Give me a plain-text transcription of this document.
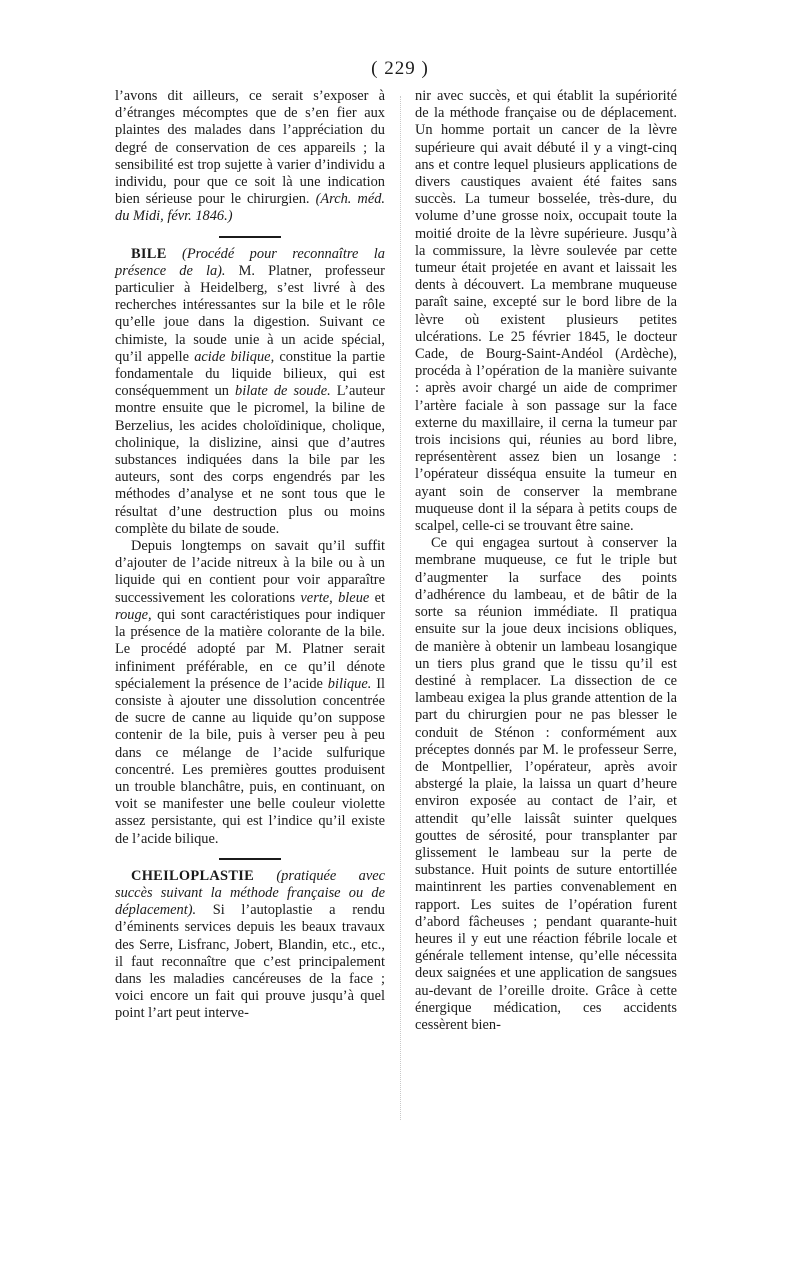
( 229 )

l’avons dit ailleurs, ce serait s’exposer à d’étranges mécomptes que de s’en fier aux plaintes des malades dans l’appréciation du degré de conservation de ces appareils ; la sensibilité est trop sujette à varier d’individu a individu, pour que ce soit là une indication bien sérieuse pour le chirurgien. (Arch. méd. du Midi, févr. 1846.)

BILE (Procédé pour reconnaître la présence de la). M. Platner, professeur particulier à Heidelberg, s’est livré à des recherches intéressantes sur la bile et le rôle qu’elle joue dans la digestion. Suivant ce chimiste, la soude unie à un acide spécial, qu’il appelle acide bilique, constitue la partie fondamentale du liquide bilieux, qui est conséquemment un bilate de soude. L’auteur montre ensuite que le picromel, la biline de Berzelius, les acides choloïdinique, cholique, cholinique, la dislizine, ainsi que d’autres substances indiquées dans la bile par les auteurs, sont des corps engendrés par les méthodes d’analyse et ne sont tous que le résultat d’une destruction plus ou moins complète du bilate de soude.

Depuis longtemps on savait qu’il suffit d’ajouter de l’acide nitreux à la bile ou à un liquide qui en contient pour voir apparaître successivement les colorations verte, bleue et rouge, qui sont caractéristiques pour indiquer la présence de la matière colorante de la bile. Le procédé adopté par M. Platner serait infiniment préférable, en ce qu’il dénote spécialement la présence de l’acide bilique. Il consiste à ajouter une dissolution concentrée de sucre de canne au liquide qu’on suppose contenir de la bile, puis à verser peu à peu dans ce mélange de l’acide sulfurique concentré. Les premières gouttes produisent un trouble blanchâtre, puis, en continuant, on voit se manifester une belle couleur violette assez persistante, qui est l’indice qu’il existe de l’acide bilique.

CHEILOPLASTIE (pratiquée avec succès suivant la méthode française ou de déplacement). Si l’autoplastie a rendu d’éminents services depuis les beaux travaux des Serre, Lisfranc, Jobert, Blandin, etc., etc., il faut reconnaître que c’est principalement dans les maladies cancéreuses de la face ; voici encore un fait qui prouve jusqu’à quel point l’art peut interve-

nir avec succès, et qui établit la supériorité de la méthode française ou de déplacement. Un homme portait un cancer de la lèvre supérieure qui avait débuté il y a vingt-cinq ans et contre lequel plusieurs applications de divers caustiques avaient été faites sans succès. La tumeur bosselée, très-dure, du volume d’une grosse noix, occupait toute la moitié droite de la lèvre supérieure. Jusqu’à la commissure, la lèvre soulevée par cette tumeur était projetée en avant et laissait les dents à découvert. La membrane muqueuse paraît saine, excepté sur le bord libre de la lèvre où existent plusieurs petites ulcérations. Le 25 février 1845, le docteur Cade, de Bourg-Saint-Andéol (Ardèche), procéda à l’opération de la manière suivante : après avoir chargé un aide de comprimer l’artère faciale à son passage sur la face externe du maxillaire, il cerna la tumeur par trois incisions qui, réunies au bord libre, représentèrent assez bien un losange : l’opérateur disséqua ensuite la tumeur en ayant soin de conserver la membrane muqueuse dont il la sépara à petits coups de scalpel, celle-ci se trouvant être saine.

Ce qui engagea surtout à conserver la membrane muqueuse, ce fut le triple but d’augmenter la surface des points d’adhérence du lambeau, et de bâtir de la sorte sa réunion immédiate. Il pratiqua ensuite sur la joue deux incisions obliques, de manière à obtenir un lambeau losangique un tiers plus grand que le tissu qu’il est destiné à remplacer. La dissection de ce lambeau exigea la plus grande attention de la part du chirurgien pour ne pas blesser le conduit de Sténon : conformément aux préceptes donnés par M. le professeur Serre, de Montpellier, l’opérateur, après avoir abstergé la plaie, la laissa un quart d’heure environ exposée au contact de l’air, et attendit qu’elle laissât suinter quelques gouttes de sérosité, pour transplanter par glissement le lambeau sur la perte de substance. Huit points de suture entortillée maintinrent les parties convenablement en rapport. Les suites de l’opération furent d’abord fâcheuses ; pendant quarante-huit heures il y eut une réaction fébrile locale et générale tellement intense, qu’elle nécessita deux saignées et une application de sangsues au-devant de l’oreille droite. Grâce à cette énergique médication, ces accidents cessèrent bien-
